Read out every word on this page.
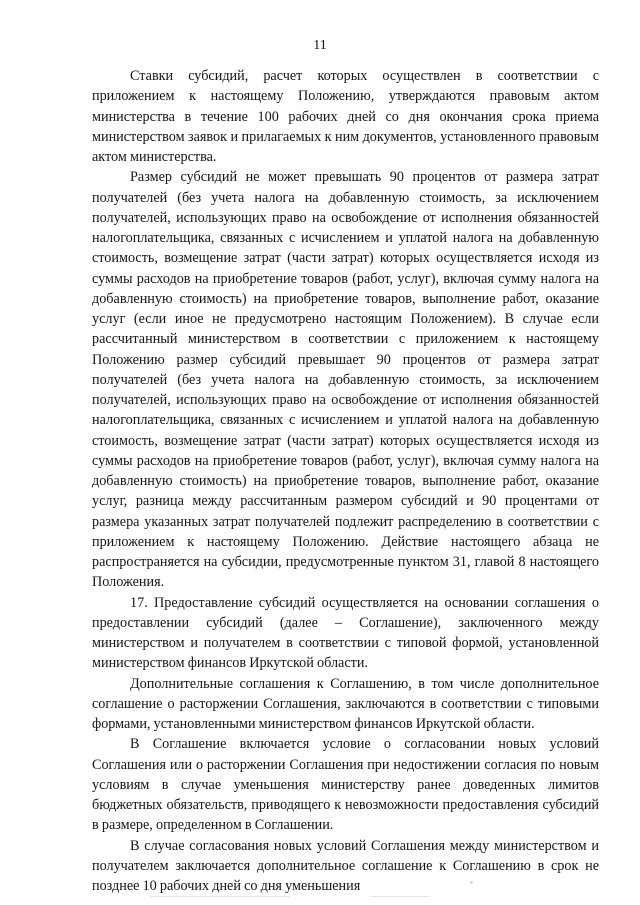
11

Ставки субсидий, расчет которых осуществлен в соответствии с приложением к настоящему Положению, утверждаются правовым актом министерства в течение 100 рабочих дней со дня окончания срока приема министерством заявок и прилагаемых к ним документов, установленного правовым актом министерства.

Размер субсидий не может превышать 90 процентов от размера затрат получателей (без учета налога на добавленную стоимость, за исключением получателей, использующих право на освобождение от исполнения обязанностей налогоплательщика, связанных с исчислением и уплатой налога на добавленную стоимость, возмещение затрат (части затрат) которых осуществляется исходя из суммы расходов на приобретение товаров (работ, услуг), включая сумму налога на добавленную стоимость) на приобретение товаров, выполнение работ, оказание услуг (если иное не предусмотрено настоящим Положением). В случае если рассчитанный министерством в соответствии с приложением к настоящему Положению размер субсидий превышает 90 процентов от размера затрат получателей (без учета налога на добавленную стоимость, за исключением получателей, использующих право на освобождение от исполнения обязанностей налогоплательщика, связанных с исчислением и уплатой налога на добавленную стоимость, возмещение затрат (части затрат) которых осуществляется исходя из суммы расходов на приобретение товаров (работ, услуг), включая сумму налога на добавленную стоимость) на приобретение товаров, выполнение работ, оказание услуг, разница между рассчитанным размером субсидий и 90 процентами от размера указанных затрат получателей подлежит распределению в соответствии с приложением к настоящему Положению. Действие настоящего абзаца не распространяется на субсидии, предусмотренные пунктом 31, главой 8 настоящего Положения.

17. Предоставление субсидий осуществляется на основании соглашения о предоставлении субсидий (далее – Соглашение), заключенного между министерством и получателем в соответствии с типовой формой, установленной министерством финансов Иркутской области.

Дополнительные соглашения к Соглашению, в том числе дополнительное соглашение о расторжении Соглашения, заключаются в соответствии с типовыми формами, установленными министерством финансов Иркутской области.

В Соглашение включается условие о согласовании новых условий Соглашения или о расторжении Соглашения при недостижении согласия по новым условиям в случае уменьшения министерству ранее доведенных лимитов бюджетных обязательств, приводящего к невозможности предоставления субсидий в размере, определенном в Соглашении.

В случае согласования новых условий Соглашения между министерством и получателем заключается дополнительное соглашение к Соглашению в срок не позднее 10 рабочих дней со дня уменьшения
